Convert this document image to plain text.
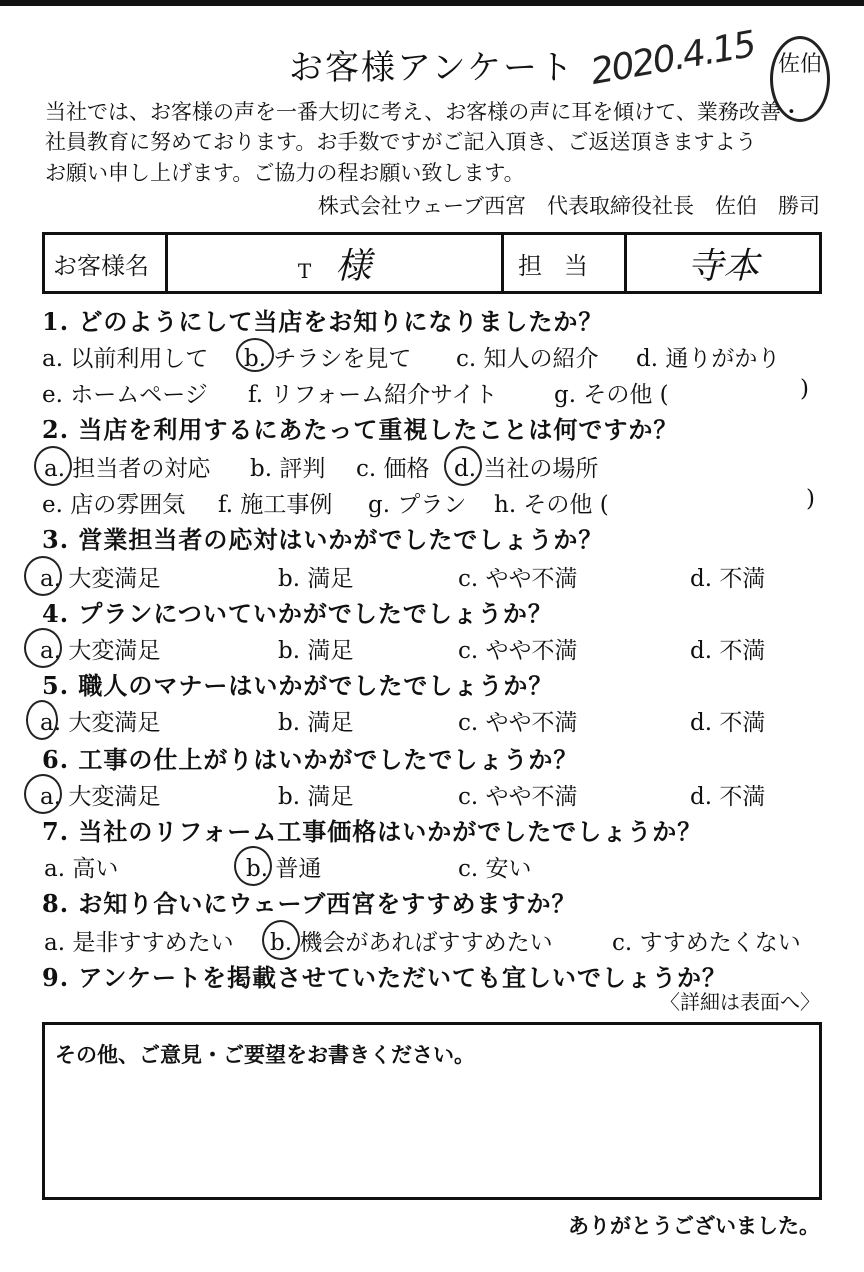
お客様アンケート 2020.4.15 佐伯
当社では、お客様の声を一番大切に考え、お客様の声に耳を傾けて、業務改善・
社員教育に努めております。お手数ですがご記入頂き、ご返送頂きますよう
お願い申し上げます。ご協力の程お願い致します。
株式会社ウェーブ西宮　代表取締役社長　佐伯　勝司
お客様名	T 様	担当	寺本
1. どのようにして当店をお知りになりましたか？
a. 以前利用して b. チラシを見て c. 知人の紹介 d. 通りがかり
e. ホームページ f. リフォーム紹介サイト g. その他 (	)
2. 当店を利用するにあたって重視したことは何ですか？
a. 担当者の対応 b. 評判 c. 価格 d. 当社の場所
e. 店の雰囲気 f. 施工事例 g. プラン h. その他 (	)
3. 営業担当者の応対はいかがでしたでしょうか？
a. 大変満足	b. 満足	c. やや不満	d. 不満
4. プランについていかがでしたでしょうか？
a. 大変満足	b. 満足	c. やや不満	d. 不満
5. 職人のマナーはいかがでしたでしょうか？
a. 大変満足	b. 満足	c. やや不満	d. 不満
6. 工事の仕上がりはいかがでしたでしょうか？
a. 大変満足	b. 満足	c. やや不満	d. 不満
7. 当社のリフォーム工事価格はいかがでしたでしょうか？
a. 高い	b. 普通	c. 安い
8. お知り合いにウェーブ西宮をすすめますか？
a. 是非すすめたい b. 機会があればすすめたい	c. すすめたくない
9. アンケートを掲載させていただいても宜しいでしょうか？
〈詳細は表面へ〉
その他、ご意見・ご要望をお書きください。
ありがとうございました。
